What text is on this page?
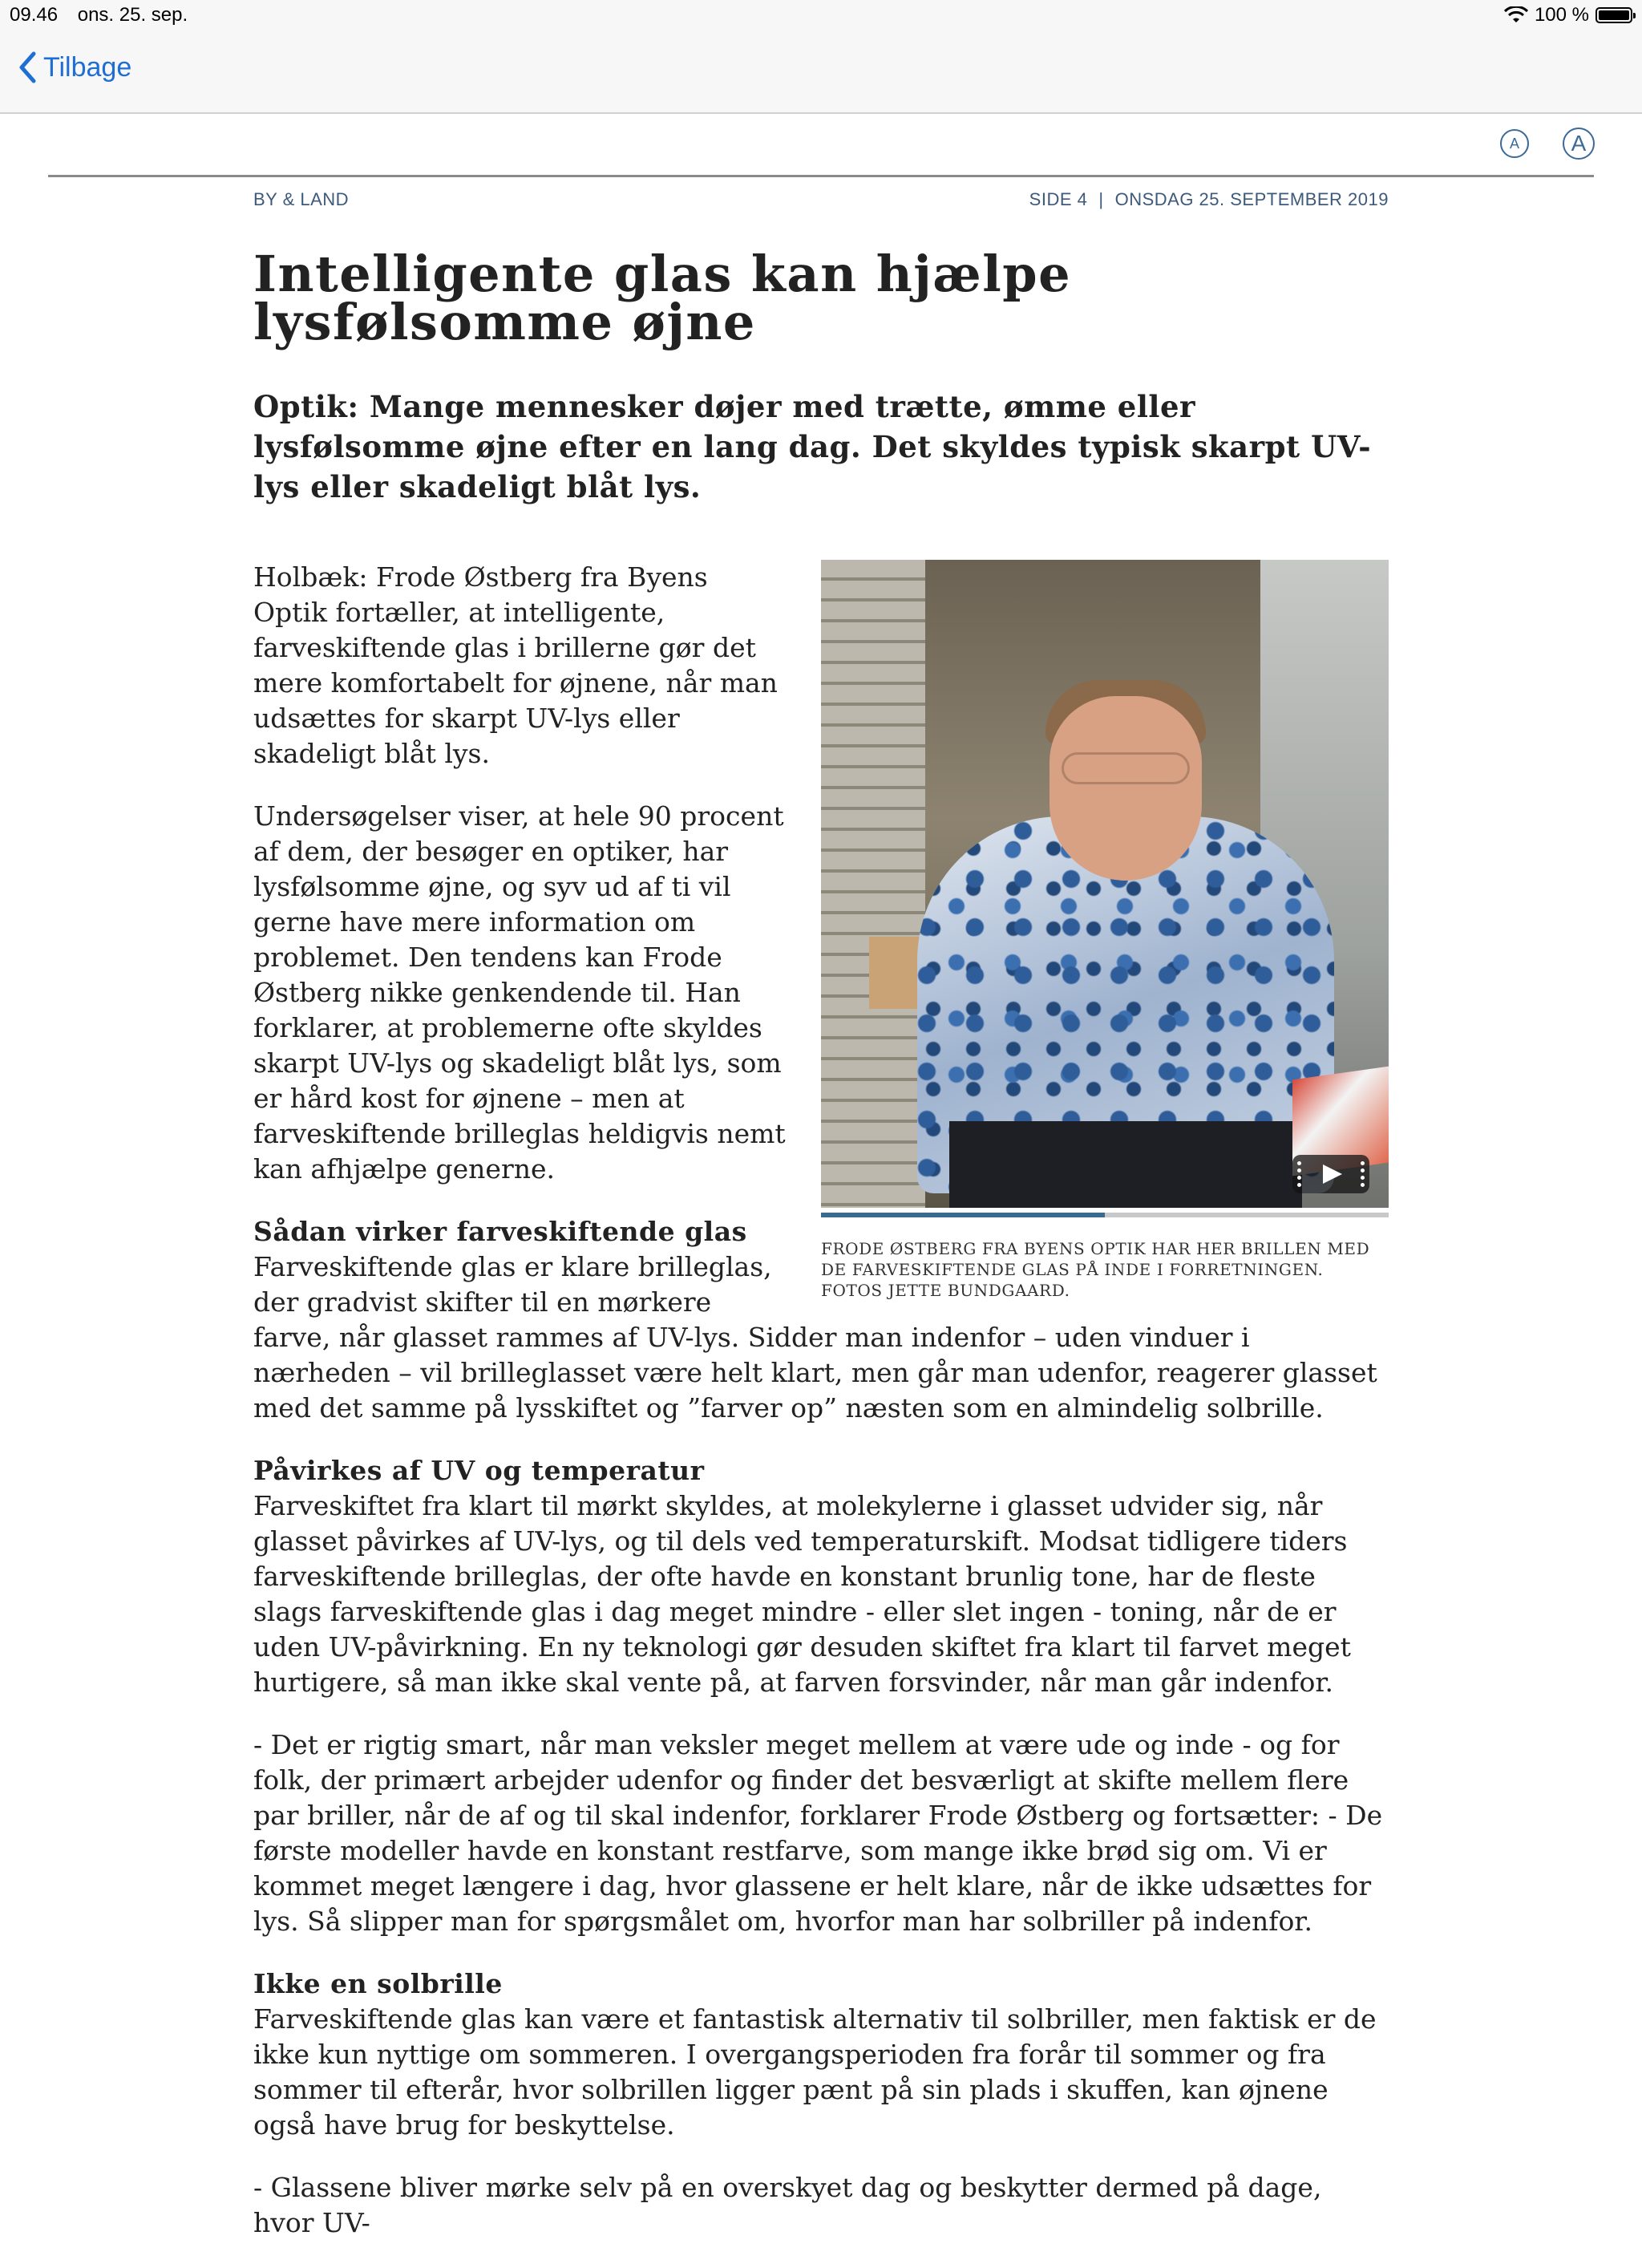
09.46 ons. 25. sep.	100 %
Tilbage
A A
BY & LAND	SIDE 4 | ONSDAG 25. SEPTEMBER 2019
Intelligente glas kan hjælpe lysfølsomme øjne

Optik: Mange mennesker døjer med trætte, ømme eller lysfølsomme øjne efter en lang dag. Det skyldes typisk skarpt UV-lys eller skadeligt blåt lys.

FRODE ØSTBERG FRA BYENS OPTIK HAR HER BRILLEN MED DE FARVESKIFTENDE GLAS PÅ INDE I FORRETNINGEN. FOTOS JETTE BUNDGAARD.

Holbæk: Frode Østberg fra Byens Optik fortæller, at intelligente, farveskiftende glas i brillerne gør det mere komfortabelt for øjnene, når man udsættes for skarpt UV-lys eller skadeligt blåt lys.

Undersøgelser viser, at hele 90 procent af dem, der besøger en optiker, har lysfølsomme øjne, og syv ud af ti vil gerne have mere information om problemet. Den tendens kan Frode Østberg nikke genkendende til. Han forklarer, at problemerne ofte skyldes skarpt UV-lys og skadeligt blåt lys, som er hård kost for øjnene – men at farveskiftende brilleglas heldigvis nemt kan afhjælpe generne.

Sådan virker farveskiftende glas

Farveskiftende glas er klare brilleglas, der gradvist skifter til en mørkere farve, når glasset rammes af UV-lys. Sidder man indenfor – uden vinduer i nærheden – vil brilleglasset være helt klart, men går man udenfor, reagerer glasset med det samme på lysskiftet og ”farver op” næsten som en almindelig solbrille.

Påvirkes af UV og temperatur

Farveskiftet fra klart til mørkt skyldes, at molekylerne i glasset udvider sig, når glasset påvirkes af UV-lys, og til dels ved temperaturskift. Modsat tidligere tiders farveskiftende brilleglas, der ofte havde en konstant brunlig tone, har de fleste slags farveskiftende glas i dag meget mindre - eller slet ingen - toning, når de er uden UV-påvirkning. En ny teknologi gør desuden skiftet fra klart til farvet meget hurtigere, så man ikke skal vente på, at farven forsvinder, når man går indenfor.

- Det er rigtig smart, når man veksler meget mellem at være ude og inde - og for folk, der primært arbejder udenfor og finder det besværligt at skifte mellem flere par briller, når de af og til skal indenfor, forklarer Frode Østberg og fortsætter: - De første modeller havde en konstant restfarve, som mange ikke brød sig om. Vi er kommet meget længere i dag, hvor glassene er helt klare, når de ikke udsættes for lys. Så slipper man for spørgsmålet om, hvorfor man har solbriller på indenfor.

Ikke en solbrille

Farveskiftende glas kan være et fantastisk alternativ til solbriller, men faktisk er de ikke kun nyttige om sommeren. I overgangsperioden fra forår til sommer og fra sommer til efterår, hvor solbrillen ligger pænt på sin plads i skuffen, kan øjnene også have brug for beskyttelse.

- Glassene bliver mørke selv på en overskyet dag og beskytter dermed på dage, hvor UV-
